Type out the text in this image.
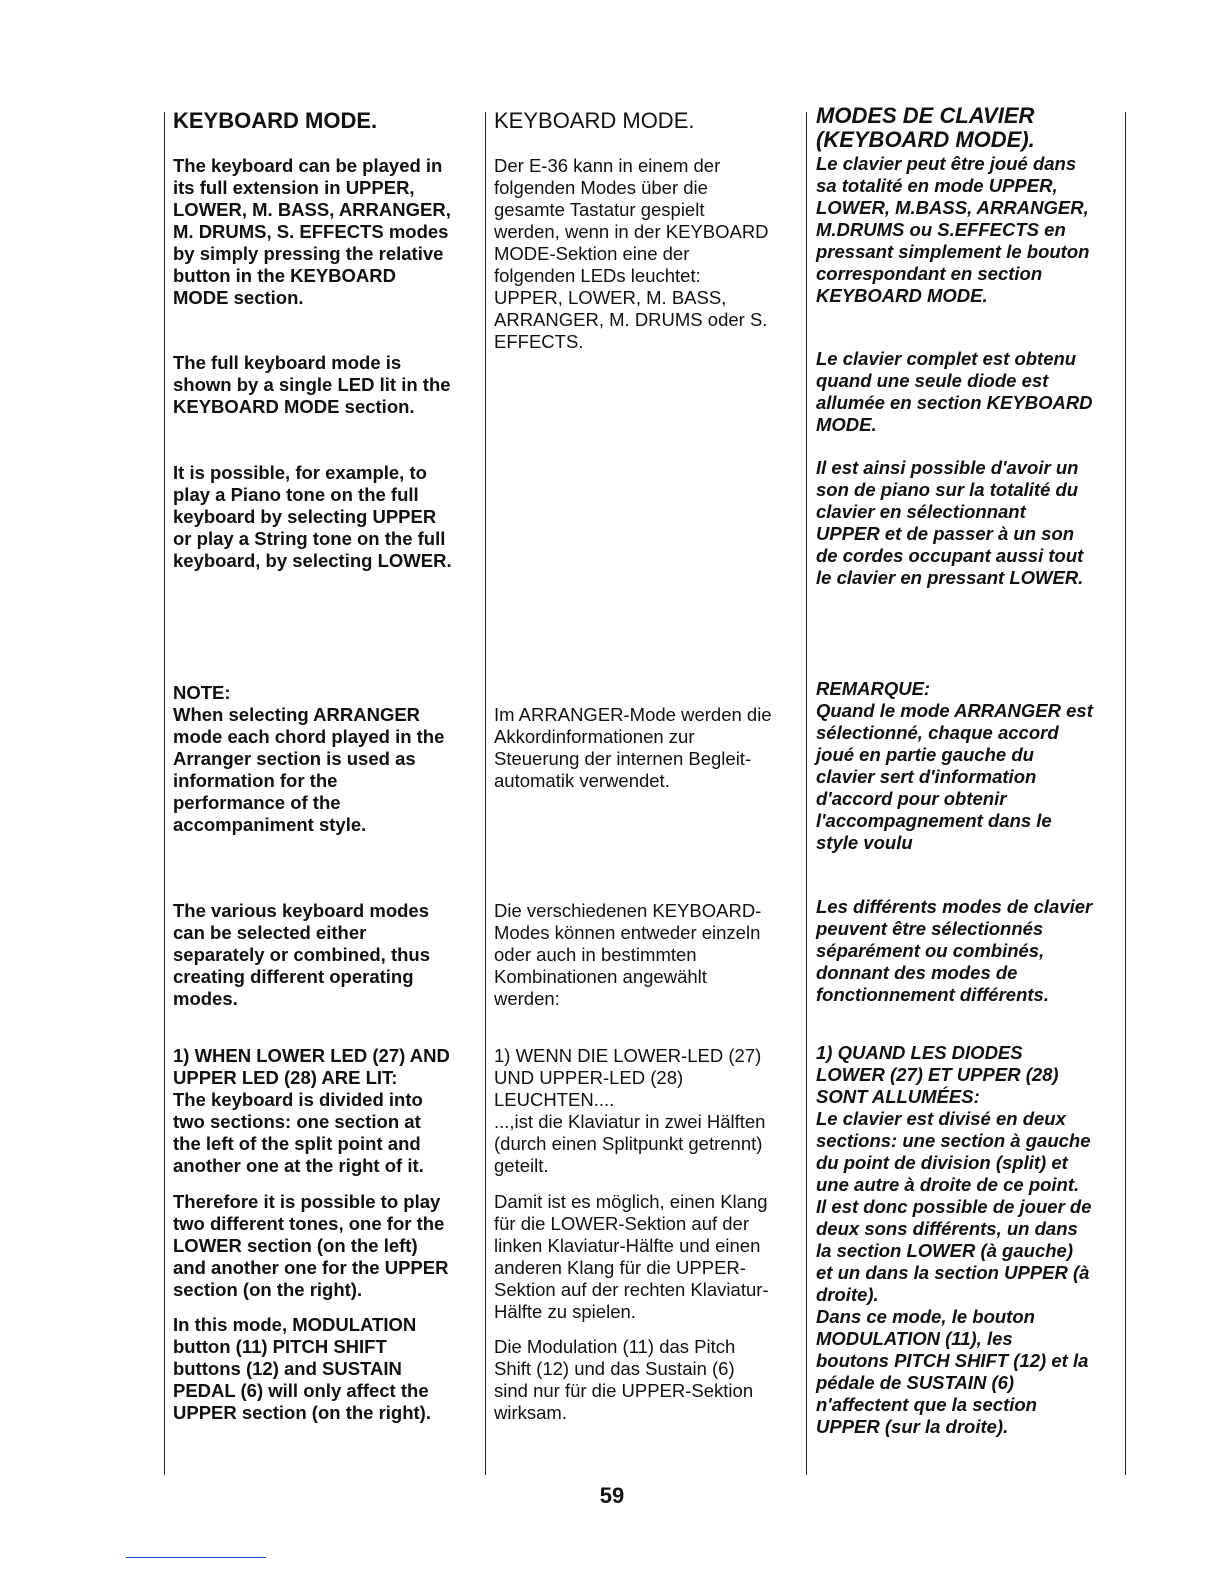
KEYBOARD MODE.

The keyboard can be played in
its full extension in UPPER,
LOWER, M. BASS, ARRANGER,
M. DRUMS, S. EFFECTS modes
by simply pressing the relative
button in the KEYBOARD
MODE section.

The full keyboard mode is
shown by a single LED lit in the
KEYBOARD MODE section.

It is possible, for example, to
play a Piano tone on the full
keyboard by selecting UPPER
or play a String tone on the full
keyboard, by selecting LOWER.

NOTE:
When selecting ARRANGER
mode each chord played in the
Arranger section is used as
information for the
performance of the
accompaniment style.

The various keyboard modes
can be selected either
separately or combined, thus
creating different operating
modes.

1) WHEN LOWER LED (27) AND
UPPER LED (28) ARE LIT:
The keyboard is divided into
two sections: one section at
the left of the split point and
another one at the right of it.

Therefore it is possible to play
two different tones, one for the
LOWER section (on the left)
and another one for the UPPER
section (on the right).

In this mode, MODULATION
button (11) PITCH SHIFT
buttons (12) and SUSTAIN
PEDAL (6) will only affect the
UPPER section (on the right).

KEYBOARD MODE.

Der E-36 kann in einem der
folgenden Modes über die
gesamte Tastatur gespielt
werden, wenn in der KEYBOARD
MODE-Sektion eine der
folgenden LEDs leuchtet:
UPPER, LOWER, M. BASS,
ARRANGER, M. DRUMS oder S.
EFFECTS.

Im ARRANGER-Mode werden die
Akkordinformationen zur
Steuerung der internen Begleit-
automatik verwendet.

Die verschiedenen KEYBOARD-
Modes können entweder einzeln
oder auch in bestimmten
Kombinationen angewählt
werden:

1) WENN DIE LOWER-LED (27)
UND UPPER-LED (28)
LEUCHTEN....
...,ist die Klaviatur in zwei Hälften
(durch einen Splitpunkt getrennt)
geteilt.

Damit ist es möglich, einen Klang
für die LOWER-Sektion auf der
linken Klaviatur-Hälfte und einen
anderen Klang für die UPPER-
Sektion auf der rechten Klaviatur-
Hälfte zu spielen.

Die Modulation (11) das Pitch
Shift (12) und das Sustain (6)
sind nur für die UPPER-Sektion
wirksam.

MODES DE CLAVIER
(KEYBOARD MODE).

Le clavier peut être joué dans
sa totalité en mode UPPER,
LOWER, M.BASS, ARRANGER,
M.DRUMS ou S.EFFECTS en
pressant simplement le bouton
correspondant en section
KEYBOARD MODE.

Le clavier complet est obtenu
quand une seule diode est
allumée en section KEYBOARD
MODE.

Il est ainsi possible d'avoir un
son de piano sur la totalité du
clavier en sélectionnant
UPPER et de passer à un son
de cordes occupant aussi tout
le clavier en pressant LOWER.

REMARQUE:
Quand le mode ARRANGER est
sélectionné, chaque accord
joué en partie gauche du
clavier sert d'information
d'accord pour obtenir
l'accompagnement dans le
style voulu

Les différents modes de clavier
peuvent être sélectionnés
séparément ou combinés,
donnant des modes de
fonctionnement différents.

1) QUAND LES DIODES
LOWER (27) ET UPPER (28)
SONT ALLUMÉES:
Le clavier est divisé en deux
sections: une section à gauche
du point de division (split) et
une autre à droite de ce point.
Il est donc possible de jouer de
deux sons différents, un dans
la section LOWER (à gauche)
et un dans la section UPPER (à
droite).
Dans ce mode, le bouton
MODULATION (11), les
boutons PITCH SHIFT (12) et la
pédale de SUSTAIN (6)
n'affectent que la section
UPPER (sur la droite).

59
